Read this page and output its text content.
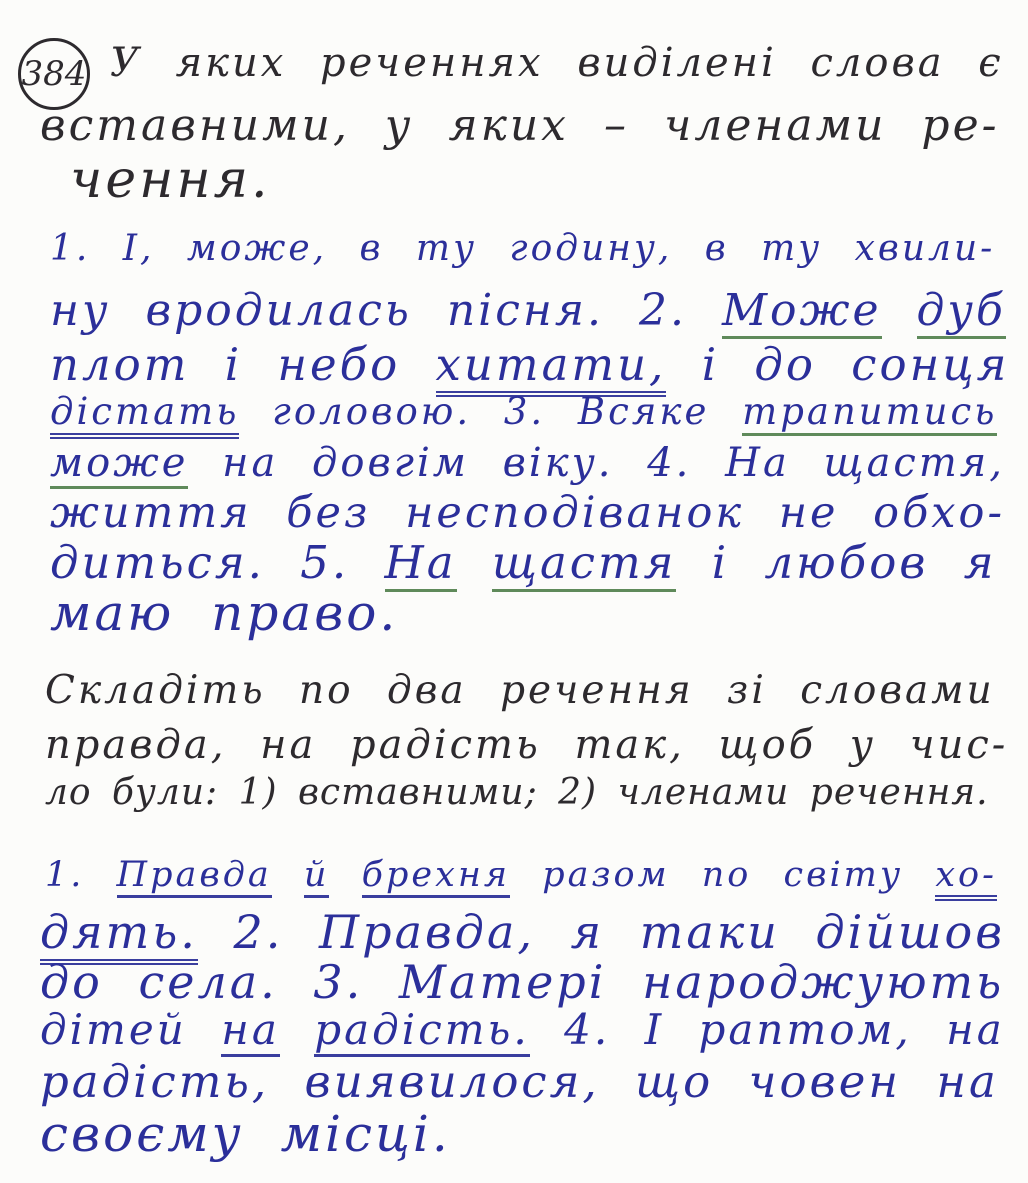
384 У яких реченнях виділені слова є
вставними, у яких – членами ре-
чення.
1. І, може, в ту годину, в ту хвили-
ну вродилась пісня. 2. Може дуб
плот і небо хитати, і до сонця
дістать головою. 3. Всяке трапитись
може на довгім віку. 4. На щастя,
життя без несподіванок не обхо-
диться. 5. На щастя і любов я
маю право.
Складіть по два речення зі словами
правда, на радість так, щоб у чис-
ло були: 1) вставними; 2) членами речення.
1. Правда й брехня разом по світу хо-
дять. 2. Правда, я таки дійшов
до села. 3. Матері народжують
дітей на радість. 4. І раптом, на
радість, виявилося, що човен на
своєму місці.
